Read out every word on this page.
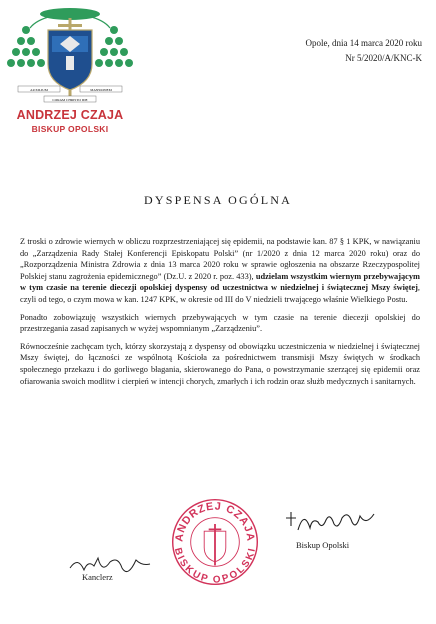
AUXILIUM	MANSIONEM
CORAM CHRISTO IDE
ANDRZEJ CZAJA
BISKUP OPOLSKI
Opole, dnia 14 marca 2020 roku
Nr 5/2020/A/KNC-K
DYSPENSA OGÓLNA

Z troski o zdrowie wiernych w obliczu rozprzestrzeniającej się epidemii, na podstawie kan. 87 § 1 KPK, w nawiązaniu do „Zarządzenia Rady Stałej Konferencji Episkopatu Polski” (nr 1/2020 z dnia 12 marca 2020 roku) oraz do „Rozporządzenia Ministra Zdrowia z dnia 13 marca 2020 roku w sprawie ogłoszenia na obszarze Rzeczypospolitej Polskiej stanu zagrożenia epidemicznego” (Dz.U. z 2020 r. poz. 433), udzielam wszystkim wiernym przebywającym w tym czasie na terenie diecezji opolskiej dyspensy od uczestnictwa w niedzielnej i świątecznej Mszy świętej, czyli od tego, o czym mowa w kan. 1247 KPK, w okresie od III do V niedzieli trwającego właśnie Wielkiego Postu.

Ponadto zobowiązuję wszystkich wiernych przebywających w tym czasie na terenie diecezji opolskiej do przestrzegania zasad zapisanych w wyżej wspomnianym „Zarządzeniu”.

Równocześnie zachęcam tych, którzy skorzystają z dyspensy od obowiązku uczestniczenia w niedzielnej i świątecznej Mszy świętej, do łączności ze wspólnotą Kościoła za pośrednictwem transmisji Mszy świętych w środkach społecznego przekazu i do gorliwego błagania, skierowanego do Pana, o powstrzymanie szerzącej się epidemii oraz ofiarowania swoich modlitw i cierpień w intencji chorych, zmarłych i ich rodzin oraz służb medycznych i sanitarnych.

ANDRZEJ CZAJA
BISKUP OPOLSKI	Biskup Opolski
Kanclerz
